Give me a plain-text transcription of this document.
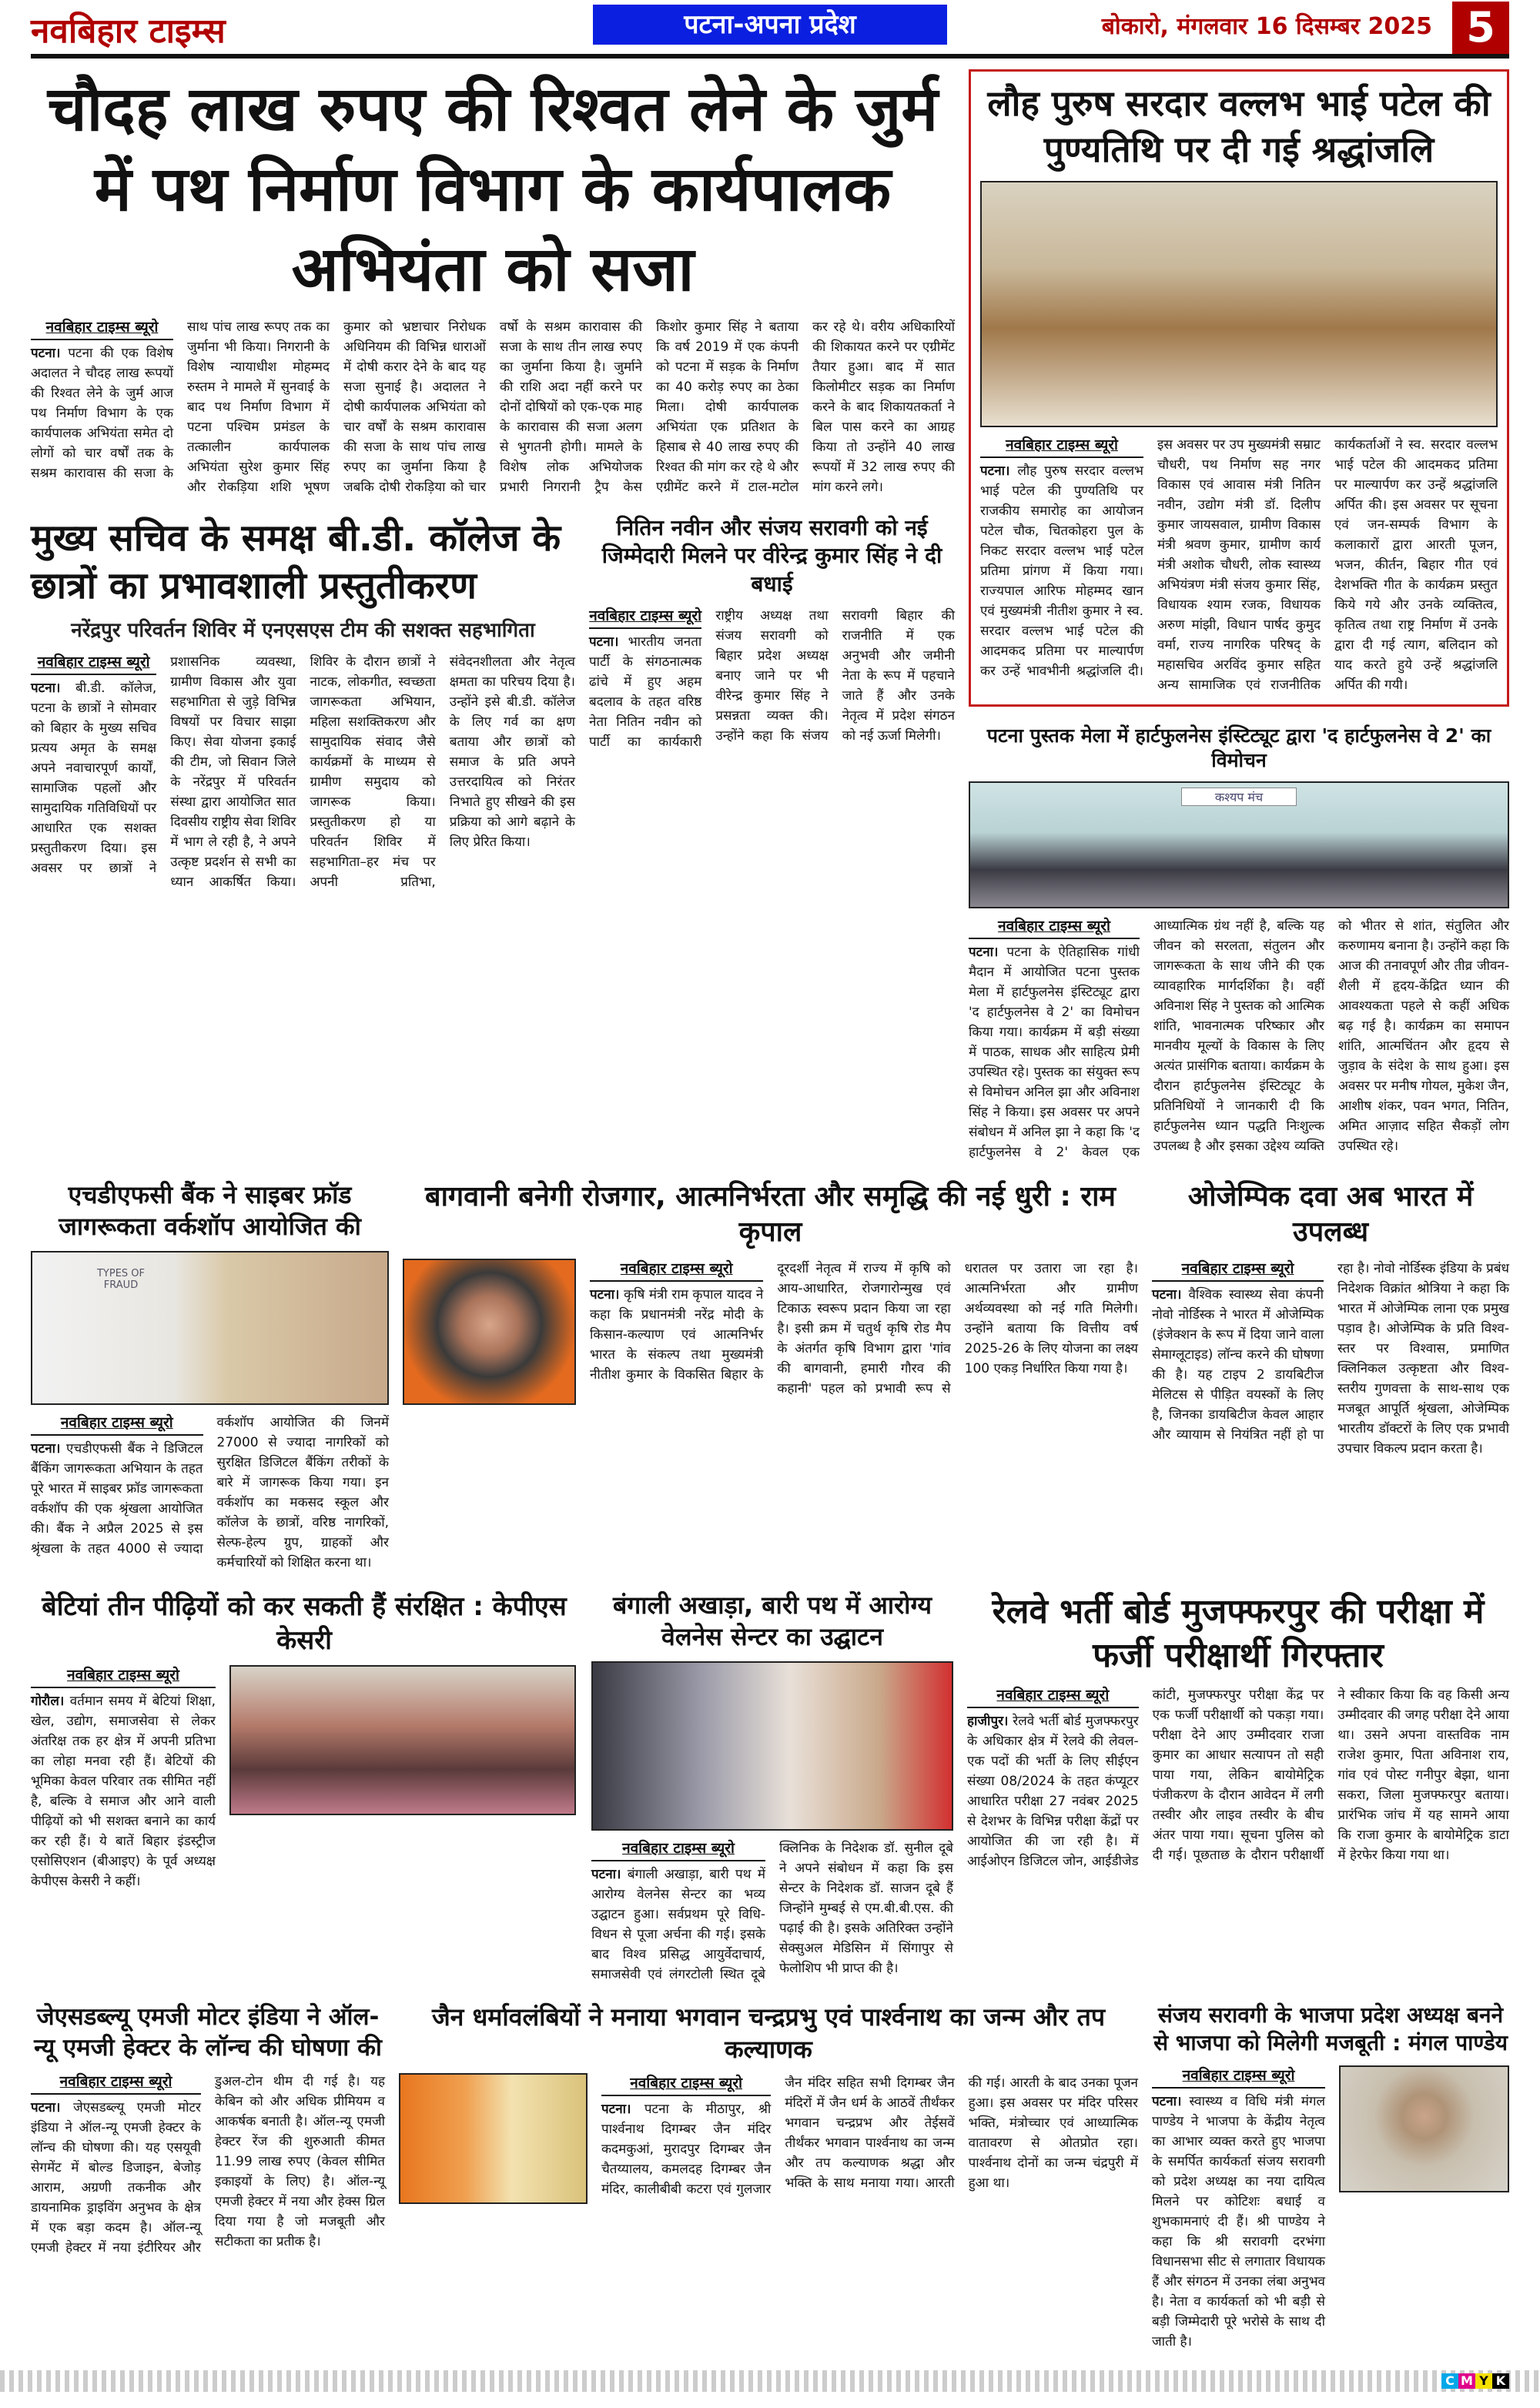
नवबिहार टाइम्स	पटना-अपना प्रदेश	बोकारो, मंगलवार 16 दिसम्बर 2025 5
चौदह लाख रुपए की रिश्वत लेने के जुर्म में पथ निर्माण विभाग के कार्यपालक अभियंता को सजा
नवबिहार टाइम्स ब्यूरो

पटना। पटना की एक विशेष अदालत ने चौदह लाख रूपयों की रिश्वत लेने के जुर्म आज पथ निर्माण विभाग के एक कार्यपालक अभियंता समेत दो लोगों को चार वर्षों तक के सश्रम कारावास की सजा के साथ पांच लाख रूपए तक का जुर्माना भी किया। निगरानी के विशेष न्यायाधीश मोहम्मद रुस्तम ने मामले में सुनवाई के बाद पथ निर्माण विभाग में पटना पश्चिम प्रमंडल के तत्कालीन कार्यपालक अभियंता सुरेश कुमार सिंह और रोकड़िया शशि भूषण कुमार को भ्रष्टाचार निरोधक अधिनियम की विभिन्न धाराओं में दोषी करार देने के बाद यह सजा सुनाई है। अदालत ने दोषी कार्यपालक अभियंता को चार वर्षों के सश्रम कारावास की सजा के साथ पांच लाख रुपए का जुर्माना किया है जबकि दोषी रोकड़िया को चार वर्षो के सश्रम कारावास की सजा के साथ तीन लाख रुपए का जुर्माना किया है। जुर्माने की राशि अदा नहीं करने पर दोनों दोषियों को एक-एक माह के कारावास की सजा अलग से भुगतनी होगी। मामले के विशेष लोक अभियोजक प्रभारी निगरानी ट्रैप केस किशोर कुमार सिंह ने बताया कि वर्ष 2019 में एक कंपनी को पटना में सड़क के निर्माण का 40 करोड़ रुपए का ठेका मिला। दोषी कार्यपालक अभियंता एक प्रतिशत के हिसाब से 40 लाख रुपए की रिश्वत की मांग कर रहे थे और एग्रीमेंट करने में टाल-मटोल कर रहे थे। वरीय अधिकारियों की शिकायत करने पर एग्रीमेंट तैयार हुआ। बाद में सात किलोमीटर सड़क का निर्माण करने के बाद शिकायतकर्ता ने बिल पास करने का आग्रह किया तो उन्होंने 40 लाख रूपयों में 32 लाख रुपए की मांग करने लगे।

मुख्य सचिव के समक्ष बी.डी. कॉलेज के छात्रों का प्रभावशाली प्रस्तुतीकरण
नरेंद्रपुर परिवर्तन शिविर में एनएसएस टीम की सशक्त सहभागिता
नवबिहार टाइम्स ब्यूरो

पटना। बी.डी. कॉलेज, पटना के छात्रों ने सोमवार को बिहार के मुख्य सचिव प्रत्यय अमृत के समक्ष अपने नवाचारपूर्ण कार्यों, सामाजिक पहलों और सामुदायिक गतिविधियों पर आधारित एक सशक्त प्रस्तुतीकरण दिया। इस अवसर पर छात्रों ने प्रशासनिक व्यवस्था, ग्रामीण विकास और युवा सहभागिता से जुड़े विभिन्न विषयों पर विचार साझा किए। सेवा योजना इकाई की टीम, जो सिवान जिले के नरेंद्रपुर में परिवर्तन संस्था द्वारा आयोजित सात दिवसीय राष्ट्रीय सेवा शिविर में भाग ले रही है, ने अपने उत्कृष्ट प्रदर्शन से सभी का ध्यान आकर्षित किया। शिविर के दौरान छात्रों ने नाटक, लोकगीत, स्वच्छता जागरूकता अभियान, महिला सशक्तिकरण और सामुदायिक संवाद जैसे कार्यक्रमों के माध्यम से ग्रामीण समुदाय को जागरूक किया। प्रस्तुतीकरण हो या परिवर्तन शिविर में सहभागिता–हर मंच पर अपनी प्रतिभा, संवेदनशीलता और नेतृत्व क्षमता का परिचय दिया है। उन्होंने इसे बी.डी. कॉलेज के लिए गर्व का क्षण बताया और छात्रों को समाज के प्रति अपने उत्तरदायित्व को निरंतर निभाते हुए सीखने की इस प्रक्रिया को आगे बढ़ाने के लिए प्रेरित किया।

नितिन नवीन और संजय सरावगी को नई जिम्मेदारी मिलने पर वीरेन्द्र कुमार सिंह ने दी बधाई
नवबिहार टाइम्स ब्यूरो

पटना। भारतीय जनता पार्टी के संगठनात्मक ढांचे में हुए अहम बदलाव के तहत वरिष्ठ नेता नितिन नवीन को पार्टी का कार्यकारी राष्ट्रीय अध्यक्ष तथा संजय सरावगी को बिहार प्रदेश अध्यक्ष बनाए जाने पर भी वीरेन्द्र कुमार सिंह ने प्रसन्नता व्यक्त की। उन्होंने कहा कि संजय सरावगी बिहार की राजनीति में एक अनुभवी और जमीनी नेता के रूप में पहचाने जाते हैं और उनके नेतृत्व में प्रदेश संगठन को नई ऊर्जा मिलेगी।

लौह पुरुष सरदार वल्लभ भाई पटेल की पुण्यतिथि पर दी गई श्रद्धांजलि
नवबिहार टाइम्स ब्यूरो

पटना। लौह पुरुष सरदार वल्लभ भाई पटेल की पुण्यतिथि पर राजकीय समारोह का आयोजन पटेल चौक, चितकोहरा पुल के निकट सरदार वल्लभ भाई पटेल प्रतिमा प्रांगण में किया गया। राज्यपाल आरिफ मोहम्मद खान एवं मुख्यमंत्री नीतीश कुमार ने स्व. सरदार वल्लभ भाई पटेल की आदमकद प्रतिमा पर माल्यार्पण कर उन्हें भावभीनी श्रद्धांजलि दी। इस अवसर पर उप मुख्यमंत्री सम्राट चौधरी, पथ निर्माण सह नगर विकास एवं आवास मंत्री नितिन नवीन, उद्योग मंत्री डॉ. दिलीप कुमार जायसवाल, ग्रामीण विकास मंत्री श्रवण कुमार, ग्रामीण कार्य मंत्री अशोक चौधरी, लोक स्वास्थ्य अभियंत्रण मंत्री संजय कुमार सिंह, विधायक श्याम रजक, विधायक अरुण मांझी, विधान पार्षद कुमुद वर्मा, राज्य नागरिक परिषद् के महासचिव अरविंद कुमार सहित अन्य सामाजिक एवं राजनीतिक कार्यकर्ताओं ने स्व. सरदार वल्लभ भाई पटेल की आदमकद प्रतिमा पर माल्यार्पण कर उन्हें श्रद्धांजलि अर्पित की। इस अवसर पर सूचना एवं जन-सम्पर्क विभाग के कलाकारों द्वारा आरती पूजन, भजन, कीर्तन, बिहार गीत एवं देशभक्ति गीत के कार्यक्रम प्रस्तुत किये गये और उनके व्यक्तित्व, कृतित्व तथा राष्ट्र निर्माण में उनके द्वारा दी गई त्याग, बलिदान को याद करते हुये उन्हें श्रद्धांजलि अर्पित की गयी।

पटना पुस्तक मेला में हार्टफुलनेस इंस्टिट्यूट द्वारा 'द हार्टफुलनेस वे 2' का विमोचन
कश्यप मंच
नवबिहार टाइम्स ब्यूरो

पटना। पटना के ऐतिहासिक गांधी मैदान में आयोजित पटना पुस्तक मेला में हार्टफुलनेस इंस्टिट्यूट द्वारा 'द हार्टफुलनेस वे 2' का विमोचन किया गया। कार्यक्रम में बड़ी संख्या में पाठक, साधक और साहित्य प्रेमी उपस्थित रहे। पुस्तक का संयुक्त रूप से विमोचन अनिल झा और अविनाश सिंह ने किया। इस अवसर पर अपने संबोधन में अनिल झा ने कहा कि 'द हार्टफुलनेस वे 2' केवल एक आध्यात्मिक ग्रंथ नहीं है, बल्कि यह जीवन को सरलता, संतुलन और जागरूकता के साथ जीने की एक व्यावहारिक मार्गदर्शिका है। वहीं अविनाश सिंह ने पुस्तक को आत्मिक शांति, भावनात्मक परिष्कार और मानवीय मूल्यों के विकास के लिए अत्यंत प्रासंगिक बताया। कार्यक्रम के दौरान हार्टफुलनेस इंस्टिट्यूट के प्रतिनिधियों ने जानकारी दी कि हार्टफुलनेस ध्यान पद्धति निःशुल्क उपलब्ध है और इसका उद्देश्य व्यक्ति को भीतर से शांत, संतुलित और करुणामय बनाना है। उन्होंने कहा कि आज की तनावपूर्ण और तीव्र जीवन-शैली में हृदय-केंद्रित ध्यान की आवश्यकता पहले से कहीं अधिक बढ़ गई है। कार्यक्रम का समापन शांति, आत्मचिंतन और हृदय से जुड़ाव के संदेश के साथ हुआ। इस अवसर पर मनीष गोयल, मुकेश जैन, आशीष शंकर, पवन भगत, नितिन, अमित आज़ाद सहित सैकड़ों लोग उपस्थित रहे।

एचडीएफसी बैंक ने साइबर फ्रॉड जागरूकता वर्कशॉप आयोजित की
TYPES OF FRAUD
नवबिहार टाइम्स ब्यूरो

पटना। एचडीएफसी बैंक ने डिजिटल बैंकिंग जागरूकता अभियान के तहत पूरे भारत में साइबर फ्रॉड जागरूकता वर्कशॉप की एक श्रृंखला आयोजित की। बैंक ने अप्रैल 2025 से इस श्रृंखला के तहत 4000 से ज्यादा वर्कशॉप आयोजित की जिनमें 27000 से ज्यादा नागरिकों को सुरक्षित डिजिटल बैंकिंग तरीकों के बारे में जागरूक किया गया। इन वर्कशॉप का मकसद स्कूल और कॉलेज के छात्रों, वरिष्ठ नागरिकों, सेल्फ-हेल्प ग्रुप, ग्राहकों और कर्मचारियों को शिक्षित करना था।

बागवानी बनेगी रोजगार, आत्मनिर्भरता और समृद्धि की नई धुरी : राम कृपाल
नवबिहार टाइम्स ब्यूरो

पटना। कृषि मंत्री राम कृपाल यादव ने कहा कि प्रधानमंत्री नरेंद्र मोदी के किसान-कल्याण एवं आत्मनिर्भर भारत के संकल्प तथा मुख्यमंत्री नीतीश कुमार के विकसित बिहार के दूरदर्शी नेतृत्व में राज्य में कृषि को आय-आधारित, रोजगारोन्मुख एवं टिकाऊ स्वरूप प्रदान किया जा रहा है। इसी क्रम में चतुर्थ कृषि रोड मैप के अंतर्गत कृषि विभाग द्वारा 'गांव की बागवानी, हमारी गौरव की कहानी' पहल को प्रभावी रूप से धरातल पर उतारा जा रहा है। आत्मनिर्भरता और ग्रामीण अर्थव्यवस्था को नई गति मिलेगी। उन्होंने बताया कि वित्तीय वर्ष 2025-26 के लिए योजना का लक्ष्य 100 एकड़ निर्धारित किया गया है।

ओजेम्पिक दवा अब भारत में उपलब्ध
नवबिहार टाइम्स ब्यूरो

पटना। वैश्विक स्वास्थ्य सेवा कंपनी नोवो नोर्डिस्क ने भारत में ओजेम्पिक (इंजेक्शन के रूप में दिया जाने वाला सेमाग्लूटाइड) लॉन्च करने की घोषणा की है। यह टाइप 2 डायबिटीज मेलिटस से पीड़ित वयस्कों के लिए है, जिनका डायबिटीज केवल आहार और व्यायाम से नियंत्रित नहीं हो पा रहा है। नोवो नोर्डिस्क इंडिया के प्रबंध निदेशक विक्रांत श्रोत्रिया ने कहा कि भारत में ओजेम्पिक लाना एक प्रमुख पड़ाव है। ओजेम्पिक के प्रति विश्व-स्तर पर विश्वास, प्रमाणित क्लिनिकल उत्कृष्टता और विश्व-स्तरीय गुणवत्ता के साथ-साथ एक मजबूत आपूर्ति श्रृंखला, ओजेम्पिक भारतीय डॉक्टरों के लिए एक प्रभावी उपचार विकल्प प्रदान करता है।

बेटियां तीन पीढ़ियों को कर सकती हैं संरक्षित : केपीएस केसरी
नवबिहार टाइम्स ब्यूरो

गोरौल। वर्तमान समय में बेटियां शिक्षा, खेल, उद्योग, समाजसेवा से लेकर अंतरिक्ष तक हर क्षेत्र में अपनी प्रतिभा का लोहा मनवा रही हैं। बेटियों की भूमिका केवल परिवार तक सीमित नहीं है, बल्कि वे समाज और आने वाली पीढ़ियों को भी सशक्त बनाने का कार्य कर रही हैं। ये बातें बिहार इंडस्ट्रीज एसोसिएशन (बीआइए) के पूर्व अध्यक्ष केपीएस केसरी ने कहीं।

बंगाली अखाड़ा, बारी पथ में आरोग्य वेलनेस सेन्टर का उद्घाटन
नवबिहार टाइम्स ब्यूरो

पटना। बंगाली अखाड़ा, बारी पथ में आरोग्य वेलनेस सेन्टर का भव्य उद्घाटन हुआ। सर्वप्रथम पूरे विधि-विधन से पूजा अर्चना की गई। इसके बाद विश्व प्रसिद्ध आयुर्वेदाचार्य, समाजसेवी एवं लंगरटोली स्थित दूबे क्लिनिक के निदेशक डॉ. सुनील दूबे ने अपने संबोधन में कहा कि इस सेन्टर के निदेशक डॉ. साजन दूबे हैं जिन्होंने मुम्बई से एम.बी.बी.एस. की पढ़ाई की है। इसके अतिरिक्त उन्होंने सेक्सुअल मेडिसिन में सिंगापुर से फेलोशिप भी प्राप्त की है।

रेलवे भर्ती बोर्ड मुजफ्फरपुर की परीक्षा में फर्जी परीक्षार्थी गिरफ्तार
नवबिहार टाइम्स ब्यूरो

हाजीपुर। रेलवे भर्ती बोर्ड मुजफ्फरपुर के अधिकार क्षेत्र में रेलवे की लेवल-एक पदों की भर्ती के लिए सीईएन संख्या 08/2024 के तहत कंप्यूटर आधारित परीक्षा 27 नवंबर 2025 से देशभर के विभिन्न परीक्षा केंद्रों पर आयोजित की जा रही है। में आईओएन डिजिटल जोन, आईडीजेड कांटी, मुजफ्फरपुर परीक्षा केंद्र पर एक फर्जी परीक्षार्थी को पकड़ा गया। परीक्षा देने आए उम्मीदवार राजा कुमार का आधार सत्यापन तो सही पाया गया, लेकिन बायोमेट्रिक पंजीकरण के दौरान आवेदन में लगी तस्वीर और लाइव तस्वीर के बीच अंतर पाया गया। सूचना पुलिस को दी गई। पूछताछ के दौरान परीक्षार्थी ने स्वीकार किया कि वह किसी अन्य उम्मीदवार की जगह परीक्षा देने आया था। उसने अपना वास्तविक नाम राजेश कुमार, पिता अविनाश राय, गांव एवं पोस्ट गनीपुर बेझा, थाना सकरा, जिला मुजफ्फरपुर बताया। प्रारंभिक जांच में यह सामने आया कि राजा कुमार के बायोमेट्रिक डाटा में हेरफेर किया गया था।

जेएसडब्ल्यू एमजी मोटर इंडिया ने ऑल-न्यू एमजी हेक्टर के लॉन्च की घोषणा की
नवबिहार टाइम्स ब्यूरो

पटना। जेएसडब्ल्यू एमजी मोटर इंडिया ने ऑल-न्यू एमजी हेक्टर के लॉन्च की घोषणा की। यह एसयूवी सेगमेंट में बोल्ड डिजाइन, बेजोड़ आराम, अग्रणी तकनीक और डायनामिक ड्राइविंग अनुभव के क्षेत्र में एक बड़ा कदम है। ऑल-न्यू एमजी हेक्टर में नया इंटीरियर और डुअल-टोन थीम दी गई है। यह केबिन को और अधिक प्रीमियम व आकर्षक बनाती है। ऑल-न्यू एमजी हेक्टर रेंज की शुरुआती कीमत 11.99 लाख रुपए (केवल सीमित इकाइयों के लिए) है। ऑल-न्यू एमजी हेक्टर में नया और हेक्स ग्रिल दिया गया है जो मजबूती और सटीकता का प्रतीक है।

जैन धर्मावलंबियों ने मनाया भगवान चन्द्रप्रभु एवं पार्श्वनाथ का जन्म और तप कल्याणक
नवबिहार टाइम्स ब्यूरो

पटना। पटना के मीठापुर, श्री पार्श्वनाथ दिगम्बर जैन मंदिर कदमकुआं, मुरादपुर दिगम्बर जैन चैतय्यालय, कमलदह दिगम्बर जैन मंदिर, कालीबीबी कटरा एवं गुलजार जैन मंदिर सहित सभी दिगम्बर जैन मंदिरों में जैन धर्म के आठवें तीर्थंकर भगवान चन्द्रप्रभ और तेईसवें तीर्थंकर भगवान पार्श्वनाथ का जन्म और तप कल्याणक श्रद्धा और भक्ति के साथ मनाया गया। आरती की गई। आरती के बाद उनका पूजन हुआ। इस अवसर पर मंदिर परिसर भक्ति, मंत्रोच्चार एवं आध्यात्मिक वातावरण से ओतप्रोत रहा। पार्श्वनाथ दोनों का जन्म चंद्रपुरी में हुआ था।

संजय सरावगी के भाजपा प्रदेश अध्यक्ष बनने से भाजपा को मिलेगी मजबूती : मंगल पाण्डेय
नवबिहार टाइम्स ब्यूरो

पटना। स्वास्थ्य व विधि मंत्री मंगल पाण्डेय ने भाजपा के केंद्रीय नेतृत्व का आभार व्यक्त करते हुए भाजपा के समर्पित कार्यकर्ता संजय सरावगी को प्रदेश अध्यक्ष का नया दायित्व मिलने पर कोटिशः बधाई व शुभकामनाएं दी हैं। श्री पाण्डेय ने कहा कि श्री सरावगी दरभंगा विधानसभा सीट से लगातार विधायक हैं और संगठन में उनका लंबा अनुभव है। नेता व कार्यकर्ता को भी बड़ी से बड़ी जिम्मेदारी पूरे भरोसे के साथ दी जाती है।

C M Y K
